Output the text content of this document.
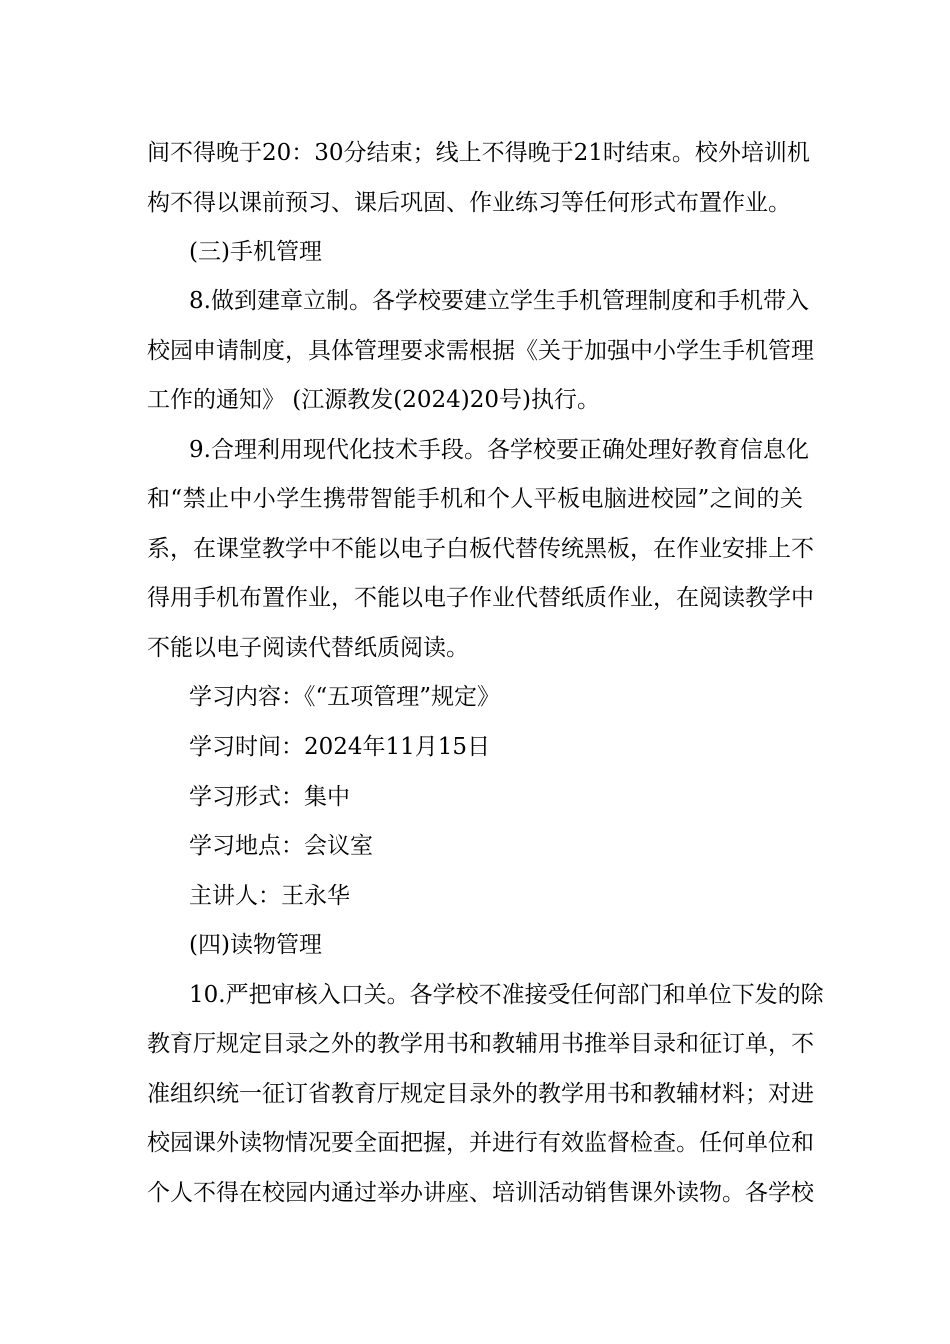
间 不 得 晚 于 2 0 ： 3 0 分 结 束 ； 线 上 不 得 晚 于 2 1 时 结 束 。 校 外 培 训 机
构 不 得 以 课 前 预 习 、 课 后 巩 固 、 作 业 练 习 等 任 何 形 式 布 置 作 业 。
(三)手机管理
8 . 做 到 建 章 立 制 。 各 学 校 要 建 立 学 生 手 机 管 理 制 度 和 手 机 带 入
校 园 申 请 制 度 ， 具 体 管 理 要 求 需 根 据 《 关 于 加 强 中 小 学 生 手 机 管 理
工作的通知》 (江源教发(2024)20号)执行。
9 . 合 理 利 用 现 代 化 技 术 手 段 。 各 学 校 要 正 确 处 理 好 教 育 信 息 化
和 “ 禁 止 中 小 学 生 携 带 智 能 手 机 和 个 人 平 板 电 脑 进 校 园 ” 之 间 的 关
系 ， 在 课 堂 教 学 中 不 能 以 电 子 白 板 代 替 传 统 黑 板 ， 在 作 业 安 排 上 不
得 用 手 机 布 置 作 业 ， 不 能 以 电 子 作 业 代 替 纸 质 作 业 ， 在 阅 读 教 学 中
不能以电子阅读代替纸质阅读。
学习内容：《“五项管理”规定》
学习时间：2024年11月15日
学习形式：集中
学习地点：会议室
主讲人：王永华
(四)读物管理
1 0 . 严 把 审 核 入 口 关 。 各 学 校 不 准 接 受 任 何 部 门 和 单 位 下 发 的 除
教 育 厅 规 定 目 录 之 外 的 教 学 用 书 和 教 辅 用 书 推 举 目 录 和 征 订 单 ， 不
准 组 织 统 一 征 订 省 教 育 厅 规 定 目 录 外 的 教 学 用 书 和 教 辅 材 料 ； 对 进
校 园 课 外 读 物 情 况 要 全 面 把 握 ， 并 进 行 有 效 监 督 检 查 。 任 何 单 位 和
个 人 不 得 在 校 园 内 通 过 举 办 讲 座 、 培 训 活 动 销 售 课 外 读 物 。 各 学 校
